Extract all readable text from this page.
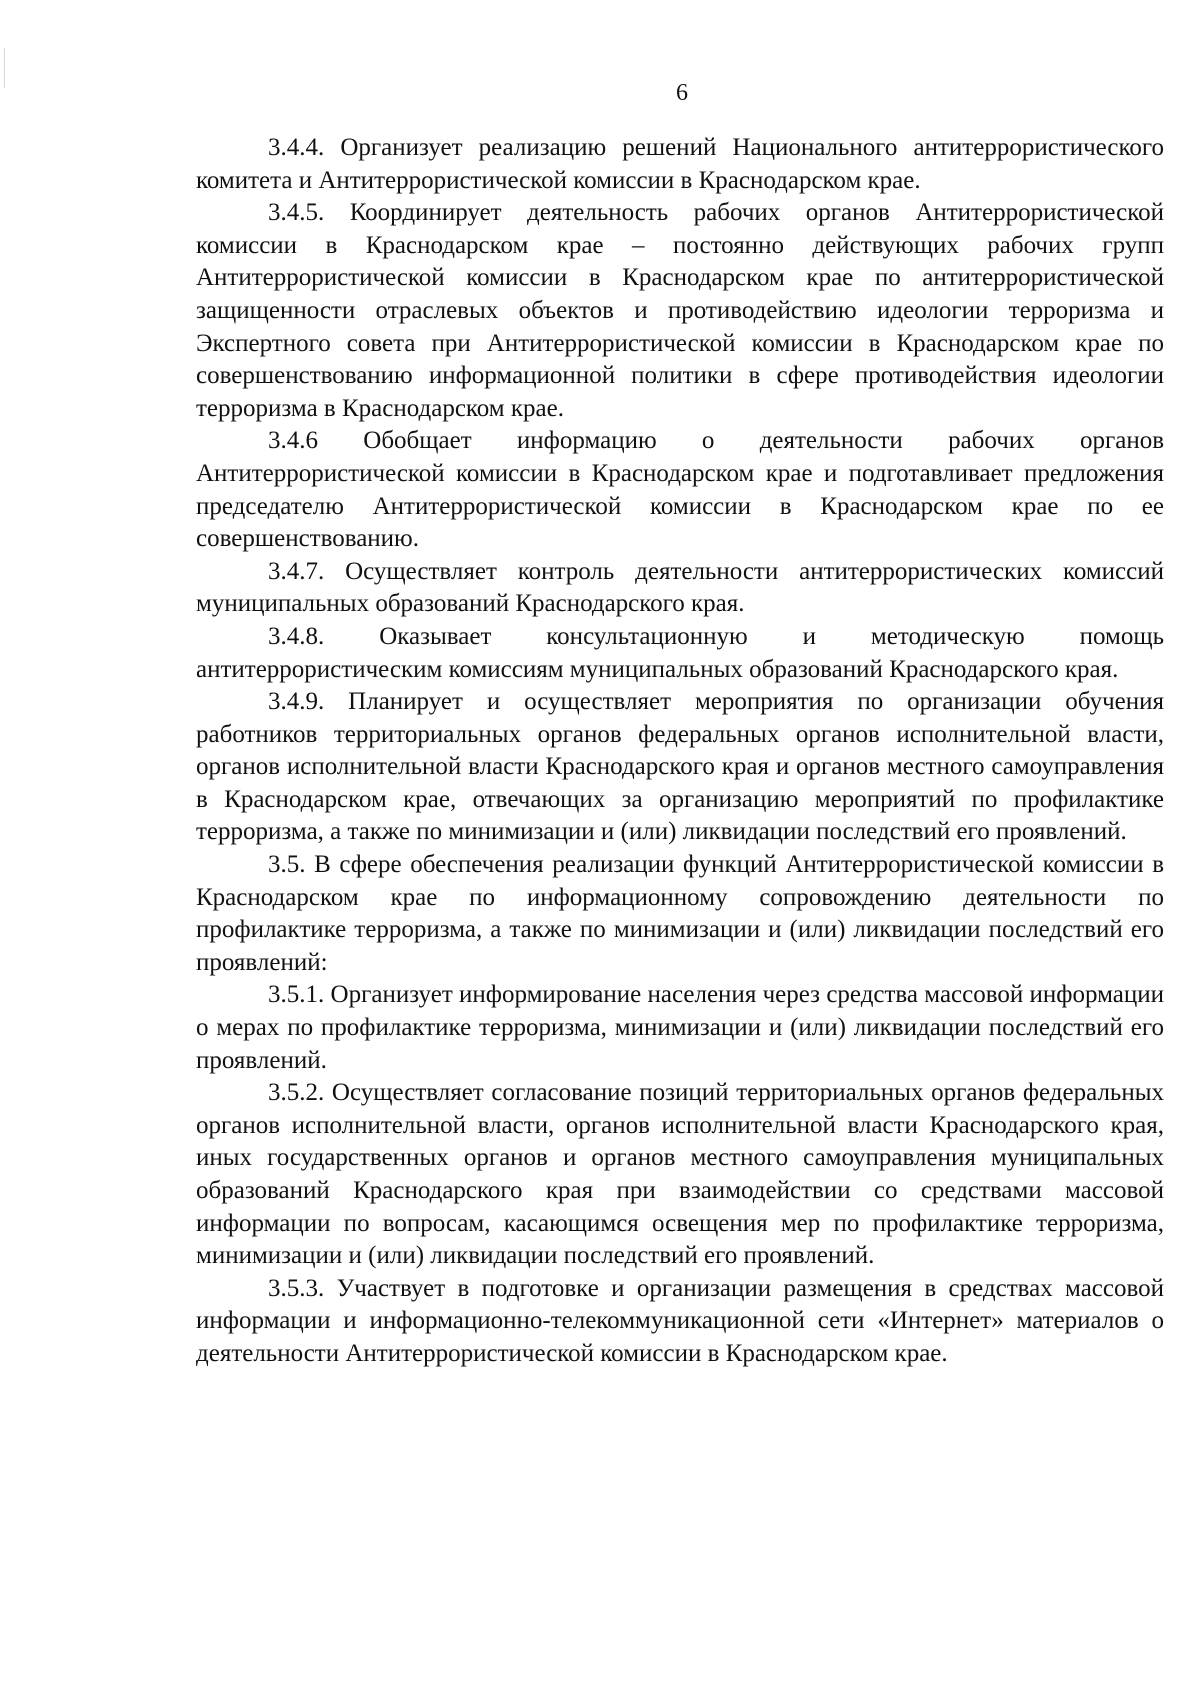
6

3.4.4. Организует реализацию решений Национального антитеррористического комитета и Антитеррористической комиссии в Краснодарском крае.

3.4.5. Координирует деятельность рабочих органов Антитеррористической комиссии в Краснодарском крае – постоянно действующих рабочих групп Антитеррористической комиссии в Краснодарском крае по антитеррористической защищенности отраслевых объектов и противодействию идеологии терроризма и Экспертного совета при Антитеррористической комиссии в Краснодарском крае по совершенствованию информационной политики в сфере противодействия идеологии терроризма в Краснодарском крае.

3.4.6 Обобщает информацию о деятельности рабочих органов Антитеррористической комиссии в Краснодарском крае и подготавливает предложения председателю Антитеррористической комиссии в Краснодарском крае по ее совершенствованию.

3.4.7. Осуществляет контроль деятельности антитеррористических комиссий муниципальных образований Краснодарского края.

3.4.8. Оказывает консультационную и методическую помощь антитеррористическим комиссиям муниципальных образований Краснодарского края.

3.4.9. Планирует и осуществляет мероприятия по организации обучения работников территориальных органов федеральных органов исполнительной власти, органов исполнительной власти Краснодарского края и органов местного самоуправления в Краснодарском крае, отвечающих за организацию мероприятий по профилактике терроризма, а также по минимизации и (или) ликвидации последствий его проявлений.

3.5. В сфере обеспечения реализации функций Антитеррористической комиссии в Краснодарском крае по информационному сопровождению деятельности по профилактике терроризма, а также по минимизации и (или) ликвидации последствий его проявлений:

3.5.1. Организует информирование населения через средства массовой информации о мерах по профилактике терроризма, минимизации и (или) ликвидации последствий его проявлений.

3.5.2. Осуществляет согласование позиций территориальных органов федеральных органов исполнительной власти, органов исполнительной власти Краснодарского края, иных государственных органов и органов местного самоуправления муниципальных образований Краснодарского края при взаимодействии со средствами массовой информации по вопросам, касающимся освещения мер по профилактике терроризма, минимизации и (или) ликвидации последствий его проявлений.

3.5.3. Участвует в подготовке и организации размещения в средствах массовой информации и информационно-телекоммуникационной сети «Интернет» материалов о деятельности Антитеррористической комиссии в Краснодарском крае.
